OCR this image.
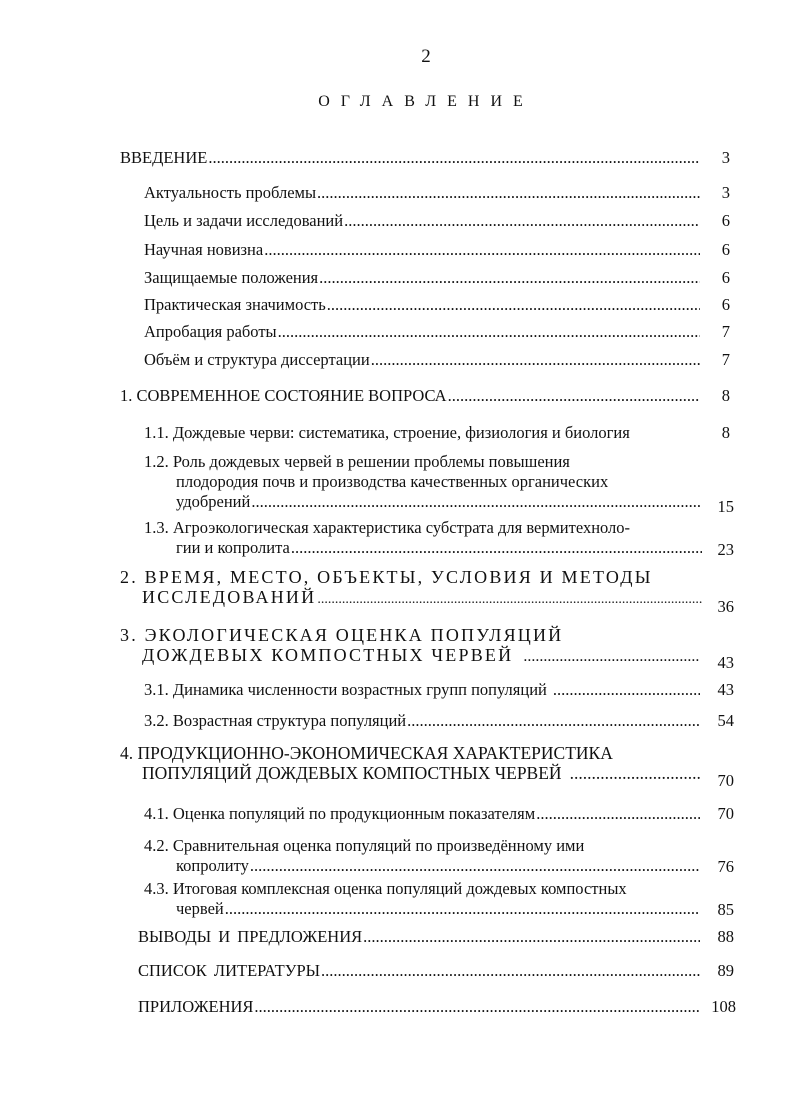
2
ОГЛАВЛЕНИЕ
ВВЕДЕНИЕ .....	3
Актуальность проблемы .....	3
Цель и задачи исследований .....	6
Научная новизна .....	6
Защищаемые положения .....	6
Практическая значимость .....	6
Апробация работы .....	7
Объём и структура диссертации .....	7
1. СОВРЕМЕННОЕ СОСТОЯНИЕ ВОПРОСА .....	8
1.1. Дождевые черви: систематика, строение, физиология и биология	8
1.2. Роль дождевых червей в решении проблемы повышения
плодородия почв и производства качественных органических
удобрений .....	15
1.3. Агроэкологическая характеристика субстрата для вермитехноло-
гии и копролита .....	23
2. ВРЕМЯ, МЕСТО, ОБЪЕКТЫ, УСЛОВИЯ И МЕТОДЫ
ИССЛЕДОВАНИЙ .....	36
3. ЭКОЛОГИЧЕСКАЯ ОЦЕНКА ПОПУЛЯЦИЙ
ДОЖДЕВЫХ КОМПОСТНЫХ ЧЕРВЕЙ .....	43
3.1. Динамика численности возрастных групп популяций .....	43
3.2. Возрастная структура популяций .....	54
4. ПРОДУКЦИОННО-ЭКОНОМИЧЕСКАЯ ХАРАКТЕРИСТИКА
ПОПУЛЯЦИЙ ДОЖДЕВЫХ КОМПОСТНЫХ ЧЕРВЕЙ .....	70
4.1. Оценка популяций по продукционным показателям .....	70
4.2. Сравнительная оценка популяций по произведённому ими
копролиту .....	76
4.3. Итоговая комплексная оценка популяций дождевых компостных
червей .....	85
ВЫВОДЫ И ПРЕДЛОЖЕНИЯ .....	88
СПИСОК ЛИТЕРАТУРЫ .....	89
ПРИЛОЖЕНИЯ .....	108
